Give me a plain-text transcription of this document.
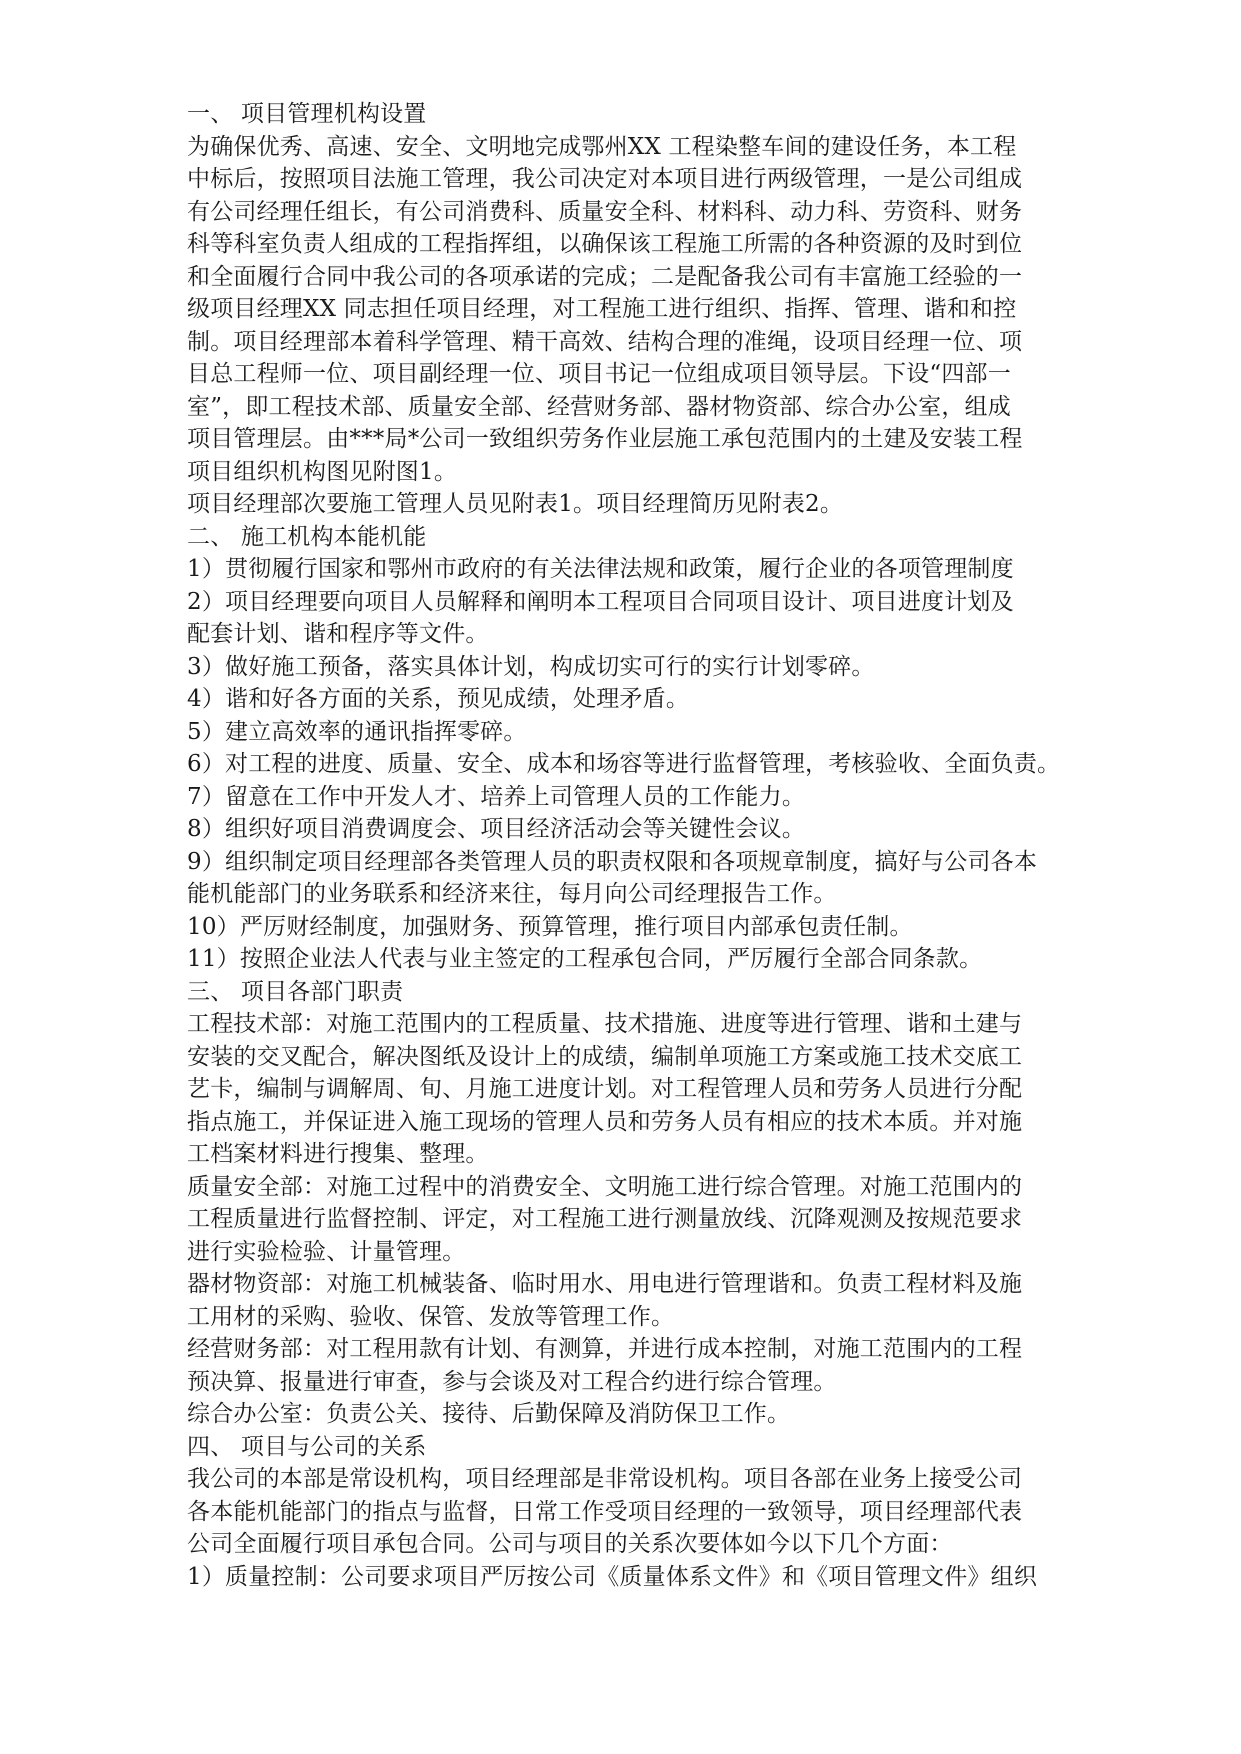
一、 项目管理机构设置
为确保优秀、高速、安全、文明地完成鄂州XX 工程染整车间的建设任务，本工程
中标后，按照项目法施工管理，我公司决定对本项目进行两级管理，一是公司组成
有公司经理任组长，有公司消费科、质量安全科、材料科、动力科、劳资科、财务
科等科室负责人组成的工程指挥组，以确保该工程施工所需的各种资源的及时到位
和全面履行合同中我公司的各项承诺的完成；二是配备我公司有丰富施工经验的一
级项目经理XX 同志担任项目经理，对工程施工进行组织、指挥、管理、谐和和控
制。项目经理部本着科学管理、精干高效、结构合理的准绳，设项目经理一位、项
目总工程师一位、项目副经理一位、项目书记一位组成项目领导层。下设“四部一
室”，即工程技术部、质量安全部、经营财务部、器材物资部、综合办公室，组成
项目管理层。由***局*公司一致组织劳务作业层施工承包范围内的土建及安装工程
项目组织机构图见附图1。
项目经理部次要施工管理人员见附表1。项目经理简历见附表2。
二、 施工机构本能机能
1）贯彻履行国家和鄂州市政府的有关法律法规和政策，履行企业的各项管理制度
2）项目经理要向项目人员解释和阐明本工程项目合同项目设计、项目进度计划及
配套计划、谐和程序等文件。
3）做好施工预备，落实具体计划，构成切实可行的实行计划零碎。
4）谐和好各方面的关系，预见成绩，处理矛盾。
5）建立高效率的通讯指挥零碎。
6）对工程的进度、质量、安全、成本和场容等进行监督管理，考核验收、全面负责。
7）留意在工作中开发人才、培养上司管理人员的工作能力。
8）组织好项目消费调度会、项目经济活动会等关键性会议。
9）组织制定项目经理部各类管理人员的职责权限和各项规章制度，搞好与公司各本
能机能部门的业务联系和经济来往，每月向公司经理报告工作。
10）严厉财经制度，加强财务、预算管理，推行项目内部承包责任制。
11）按照企业法人代表与业主签定的工程承包合同，严厉履行全部合同条款。
三、 项目各部门职责
工程技术部：对施工范围内的工程质量、技术措施、进度等进行管理、谐和土建与
安装的交叉配合，解决图纸及设计上的成绩，编制单项施工方案或施工技术交底工
艺卡，编制与调解周、旬、月施工进度计划。对工程管理人员和劳务人员进行分配
指点施工，并保证进入施工现场的管理人员和劳务人员有相应的技术本质。并对施
工档案材料进行搜集、整理。
质量安全部：对施工过程中的消费安全、文明施工进行综合管理。对施工范围内的
工程质量进行监督控制、评定，对工程施工进行测量放线、沉降观测及按规范要求
进行实验检验、计量管理。
器材物资部：对施工机械装备、临时用水、用电进行管理谐和。负责工程材料及施
工用材的采购、验收、保管、发放等管理工作。
经营财务部：对工程用款有计划、有测算，并进行成本控制，对施工范围内的工程
预决算、报量进行审查，参与会谈及对工程合约进行综合管理。
综合办公室：负责公关、接待、后勤保障及消防保卫工作。
四、 项目与公司的关系
我公司的本部是常设机构，项目经理部是非常设机构。项目各部在业务上接受公司
各本能机能部门的指点与监督，日常工作受项目经理的一致领导，项目经理部代表
公司全面履行项目承包合同。公司与项目的关系次要体如今以下几个方面：
1）质量控制：公司要求项目严厉按公司《质量体系文件》和《项目管理文件》组织
